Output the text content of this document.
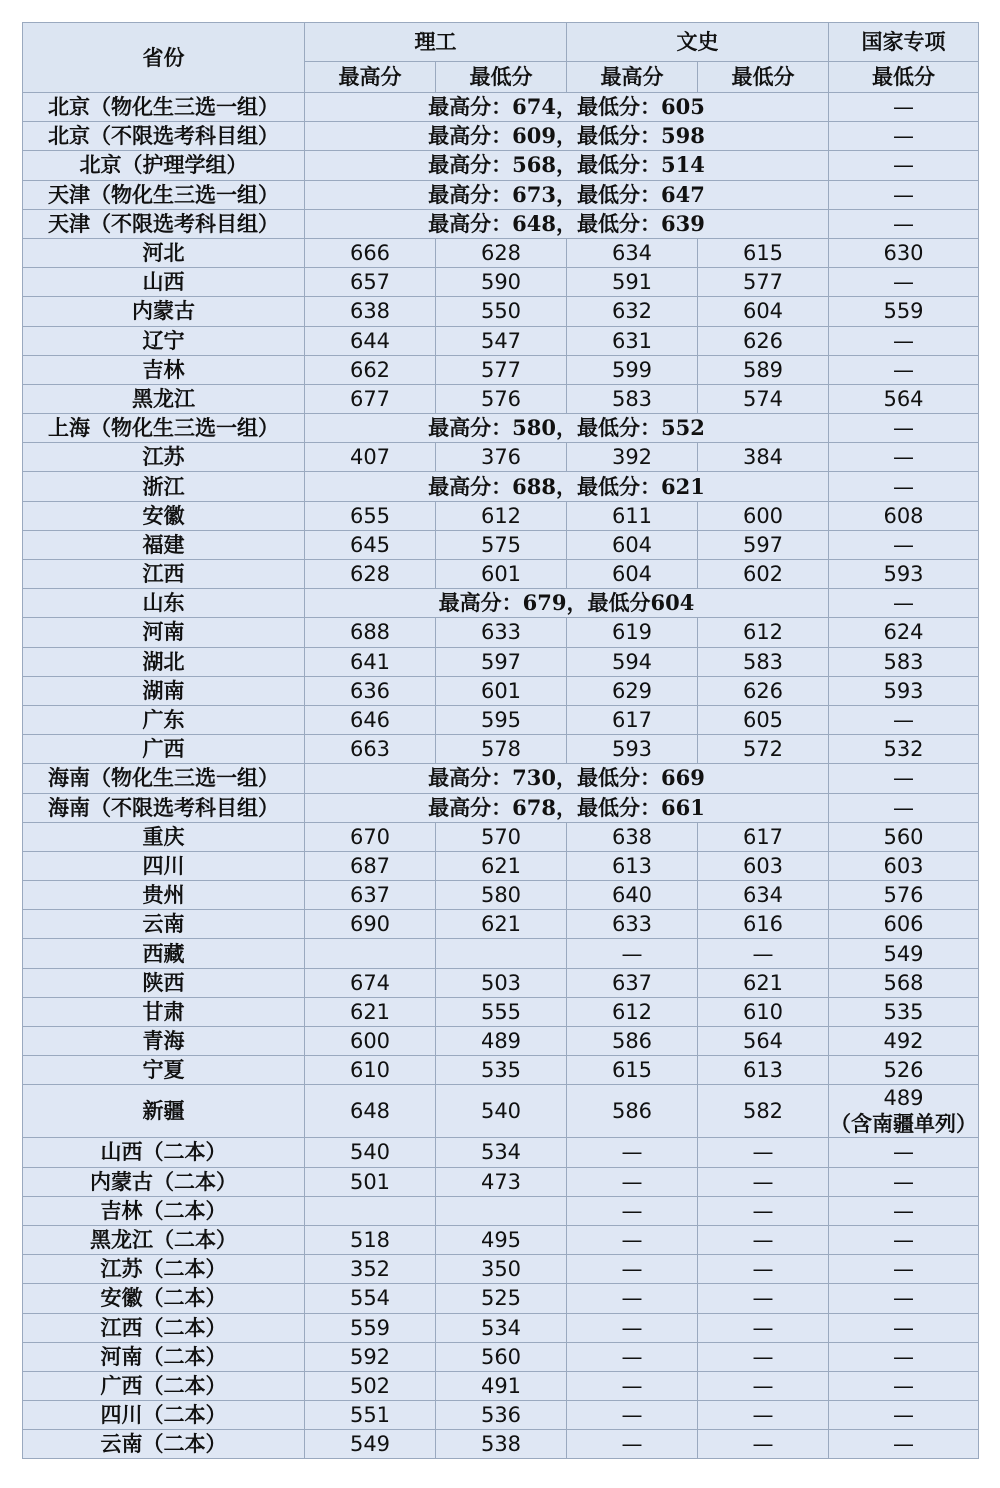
省份	理工		文史		国家专项
	最高分	最低分	最高分	最低分	最低分
北京（物化生三选一组）	最高分：674，最低分：605				—
北京（不限选考科目组）	最高分：609，最低分：598				—
北京（护理学组）	最高分：568，最低分：514				—
天津（物化生三选一组）	最高分：673，最低分：647				—
天津（不限选考科目组）	最高分：648，最低分：639				—
河北	666	628	634	615	630
山西	657	590	591	577	—
内蒙古	638	550	632	604	559
辽宁	644	547	631	626	—
吉林	662	577	599	589	—
黑龙江	677	576	583	574	564
上海（物化生三选一组）	最高分：580，最低分：552				—
江苏	407	376	392	384	—
浙江	最高分：688，最低分：621				—
安徽	655	612	611	600	608
福建	645	575	604	597	—
江西	628	601	604	602	593
山东	最高分：679，最低分604				—
河南	688	633	619	612	624
湖北	641	597	594	583	583
湖南	636	601	629	626	593
广东	646	595	617	605	—
广西	663	578	593	572	532
海南（物化生三选一组）	最高分：730，最低分：669				—
海南（不限选考科目组）	最高分：678，最低分：661				—
重庆	670	570	638	617	560
四川	687	621	613	603	603
贵州	637	580	640	634	576
云南	690	621	633	616	606
西藏			—	—	549
陕西	674	503	637	621	568
甘肃	621	555	612	610	535
青海	600	489	586	564	492
宁夏	610	535	615	613	526
新疆	648	540	586	582	489
（含南疆单列）

山西（二本）	540	534	—	—	—
内蒙古（二本）	501	473	—	—	—
吉林（二本）			—	—	—
黑龙江（二本）	518	495	—	—	—
江苏（二本）	352	350	—	—	—
安徽（二本）	554	525	—	—	—
江西（二本）	559	534	—	—	—
河南（二本）	592	560	—	—	—
广西（二本）	502	491	—	—	—
四川（二本）	551	536	—	—	—
云南（二本）	549	538	—	—	—
